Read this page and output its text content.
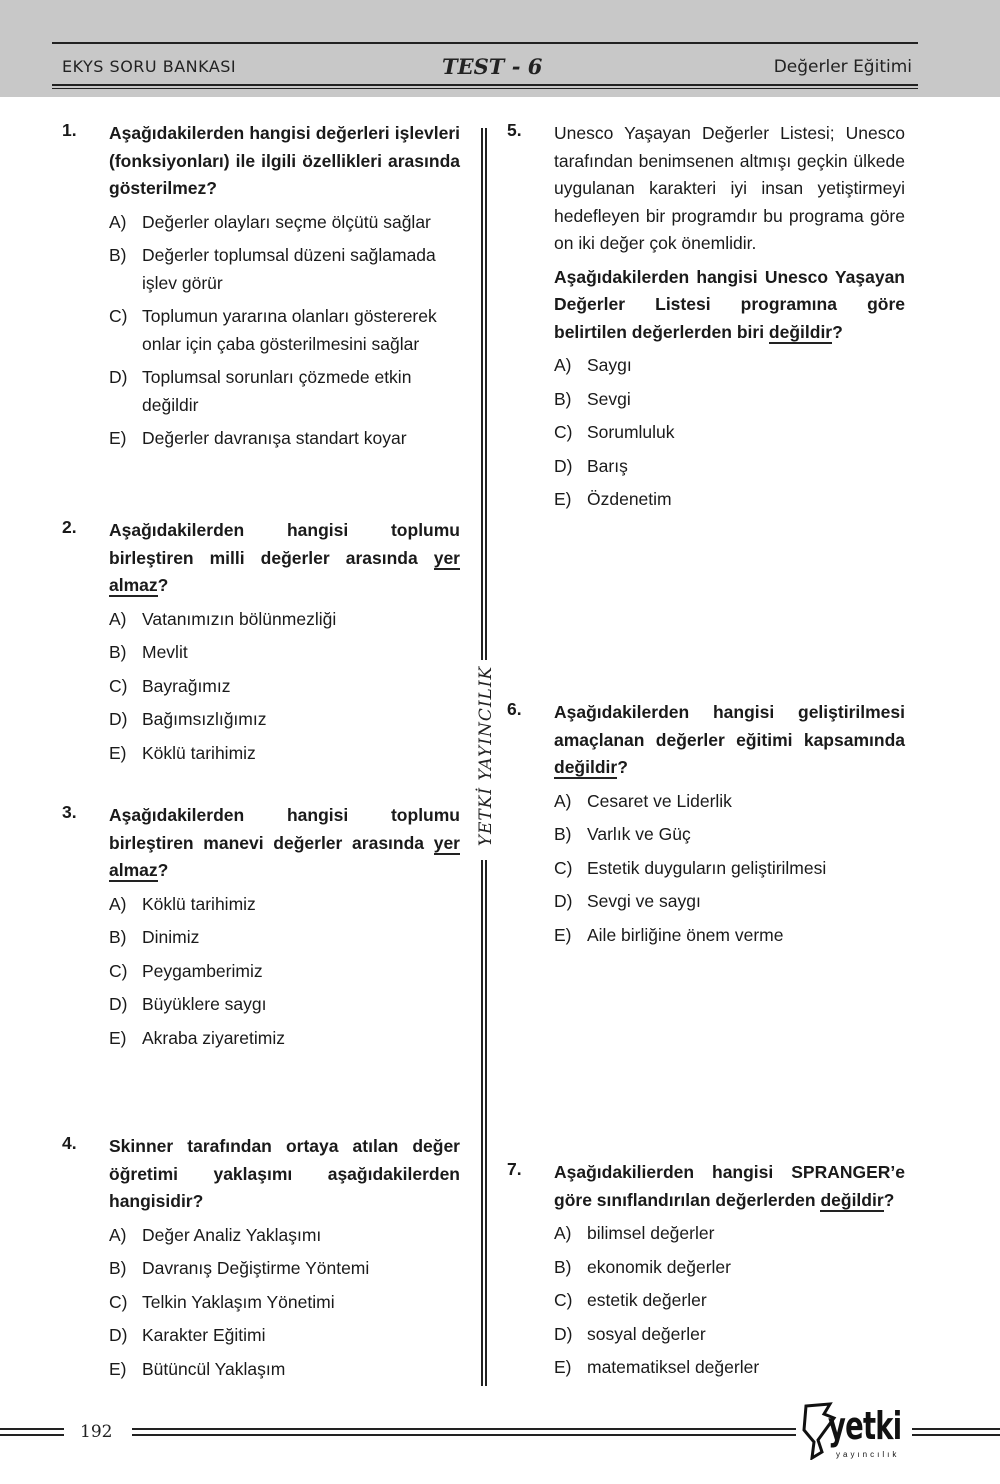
EKYS SORU BANKASI	TEST - 6	Değerler Eğitimi
1. Aşağıdakilerden hangisi değerleri işlevleri (fonksiyonları) ile ilgili özellikleri arasında gösterilmez?
A) Değerler olayları seçme ölçütü sağlar
B) Değerler toplumsal düzeni sağlamada işlev görür
C) Toplumun yararına olanları göstererek onlar için çaba gösterilmesini sağlar
D) Toplumsal sorunları çözmede etkin değildir
E) Değerler davranışa standart koyar
2. Aşağıdakilerden hangisi toplumu birleştiren milli değerler arasında yer almaz?
A) Vatanımızın bölünmezliği
B) Mevlit
C) Bayrağımız
D) Bağımsızlığımız
E) Köklü tarihimiz
3. Aşağıdakilerden hangisi toplumu birleştiren manevi değerler arasında yer almaz?
A) Köklü tarihimiz
B) Dinimiz
C) Peygamberimiz
D) Büyüklere saygı
E) Akraba ziyaretimiz
4. Skinner tarafından ortaya atılan değer öğretimi yaklaşımı aşağıdakilerden hangisidir?
A) Değer Analiz Yaklaşımı
B) Davranış Değiştirme Yöntemi
C) Telkin Yaklaşım Yönetimi
D) Karakter Eğitimi
E) Bütüncül Yaklaşım
YETKİ YAYINCILIK
5. Unesco Yaşayan Değerler Listesi; Unesco tarafından benimsenen altmışı geçkin ülkede uygulanan karakteri iyi insan yetiştirmeyi hedefleyen bir programdır bu programa göre on iki değer çok önemlidir.
Aşağıdakilerden hangisi Unesco Yaşayan Değerler Listesi programına göre belirtilen değerlerden biri değildir?
A) Saygı
B) Sevgi
C) Sorumluluk
D) Barış
E) Özdenetim
6. Aşağıdakilerden hangisi geliştirilmesi amaçlanan değerler eğitimi kapsamında değildir?
A) Cesaret ve Liderlik
B) Varlık ve Güç
C) Estetik duyguların geliştirilmesi
D) Sevgi ve saygı
E) Aile birliğine önem verme
7. Aşağıdakilierden hangisi SPRANGER’e göre sınıflandırılan değerlerden değildir?
A) bilimsel değerler
B) ekonomik değerler
C) estetik değerler
D) sosyal değerler
E) matematiksel değerler
192	yetki
yayıncılık
